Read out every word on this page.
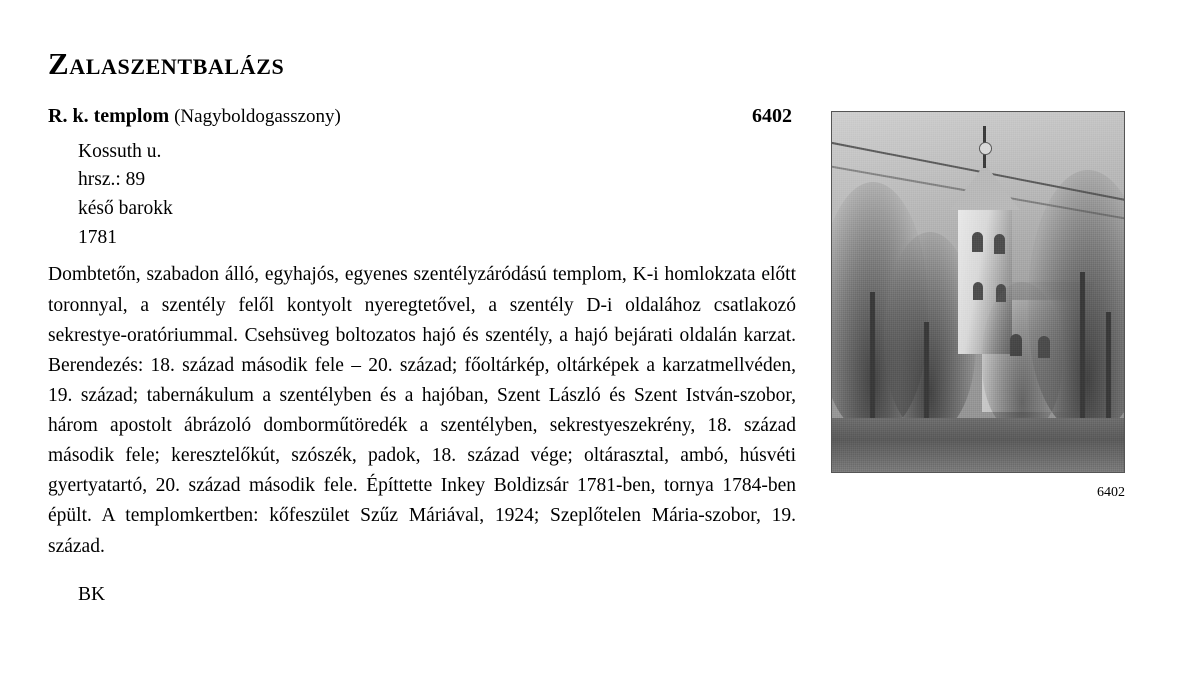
Zalaszentbalázs
R. k. templom (Nagyboldogasszony)	6402
Kossuth u.
hrsz.: 89
késő barokk
1781

Dombtetőn, szabadon álló, egyhajós, egyenes szentélyzáródású templom, K-i homlokzata előtt toronnyal, a szentély felől kontyolt nyeregtetővel, a szentély D-i oldalához csatlakozó sekrestye-oratóriummal. Csehsüveg boltozatos hajó és szentély, a hajó bejárati oldalán karzat. Berendezés: 18. század második fele – 20. század; főoltárkép, oltárképek a karzatmellvéden, 19. század; tabernákulum a szentélyben és a hajóban, Szent László és Szent István-szobor, három apostolt ábrázoló domborműtöredék a szentélyben, sekrestyeszekrény, 18. század második fele; keresztelőkút, szószék, padok, 18. század vége; oltárasztal, ambó, húsvéti gyertyatartó, 20. század második fele. Építtette Inkey Boldizsár 1781-ben, tornya 1784-ben épült. A templomkertben: kőfeszület Szűz Máriával, 1924; Szeplőtelen Mária-szobor, 19. század.

BK
6402
